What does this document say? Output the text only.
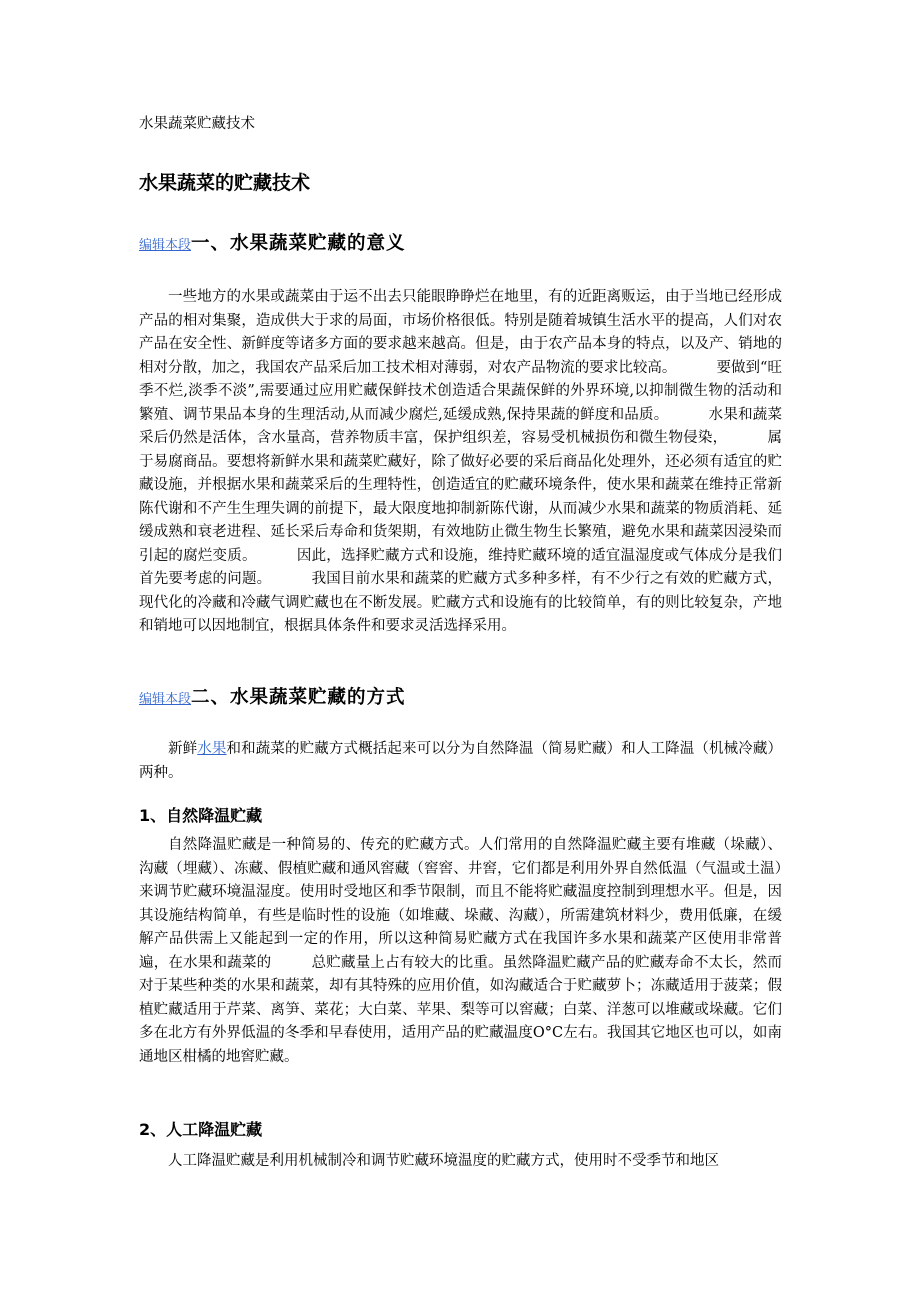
水果蔬菜贮藏技术
水果蔬菜的贮藏技术
编辑本段一、水果蔬菜贮藏的意义

一些地方的水果或蔬菜由于运不出去只能眼睁睁烂在地里，有的近距离贩运，由于当地已经形成产品的相对集聚，造成供大于求的局面，市场价格很低。特别是随着城镇生活水平的提高，人们对农产品在安全性、新鲜度等诸多方面的要求越来越高。但是，由于农产品本身的特点，以及产、销地的相对分散，加之，我国农产品采后加工技术相对薄弱，对农产品物流的要求比较高。	要做到“旺季不烂,淡季不淡”,需要通过应用贮藏保鲜技术创造适合果蔬保鲜的外界环境,以抑制微生物的活动和繁殖、调节果品本身的生理活动,从而减少腐烂,延缓成熟,保持果蔬的鲜度和品质。	水果和蔬菜采后仍然是活体，含水量高，营养物质丰富，保护组织差，容易受机械损伤和微生物侵染，	属于易腐商品。要想将新鲜水果和蔬菜贮藏好，除了做好必要的采后商品化处理外，还必须有适宜的贮藏设施，并根据水果和蔬菜采后的生理特性，创造适宜的贮藏环境条件，使水果和蔬菜在维持正常新陈代谢和不产生生理失调的前提下，最大限度地抑制新陈代谢，从而减少水果和蔬菜的物质消耗、延缓成熟和衰老进程、延长采后寿命和货架期，有效地防止微生物生长繁殖，避免水果和蔬菜因浸染而引起的腐烂变质。	因此，选择贮藏方式和设施，维持贮藏环境的适宜温湿度或气体成分是我们首先要考虑的问题。	我国目前水果和蔬菜的贮藏方式多种多样，有不少行之有效的贮藏方式，现代化的冷藏和冷藏气调贮藏也在不断发展。贮藏方式和设施有的比较简单，有的则比较复杂，产地和销地可以因地制宜，根据具体条件和要求灵活选择采用。

编辑本段二、水果蔬菜贮藏的方式

新鲜水果和和蔬菜的贮藏方式概括起来可以分为自然降温（简易贮藏）和人工降温（机械冷藏）两种。

1、自然降温贮藏

自然降温贮藏是一种简易的、传充的贮藏方式。人们常用的自然降温贮藏主要有堆藏（垛藏）、沟藏（埋藏）、冻藏、假植贮藏和通风窖藏（窖窖、井窖，它们都是利用外界自然低温（气温或土温）来调节贮藏环境温湿度。使用时受地区和季节限制，而且不能将贮藏温度控制到理想水平。但是，因其设施结构简单，有些是临时性的设施（如堆藏、垛藏、沟藏），所需建筑材料少，费用低廉，在缓解产品供需上又能起到一定的作用，所以这种简易贮藏方式在我国许多水果和蔬菜产区使用非常普遍，在水果和蔬菜的	总贮藏量上占有较大的比重。虽然降温贮藏产品的贮藏寿命不太长，然而对于某些种类的水果和蔬菜，却有其特殊的应用价值，如沟藏适合于贮藏萝卜；冻藏适用于菠菜；假植贮藏适用于芹菜、离笋、菜花；大白菜、苹果、梨等可以窖藏；白菜、洋葱可以堆藏或垛藏。它们多在北方有外界低温的冬季和早春使用，适用产品的贮藏温度O°C左右。我国其它地区也可以，如南通地区柑橘的地窖贮藏。

2、人工降温贮藏

人工降温贮藏是利用机械制冷和调节贮藏环境温度的贮藏方式，使用时不受季节和地区
